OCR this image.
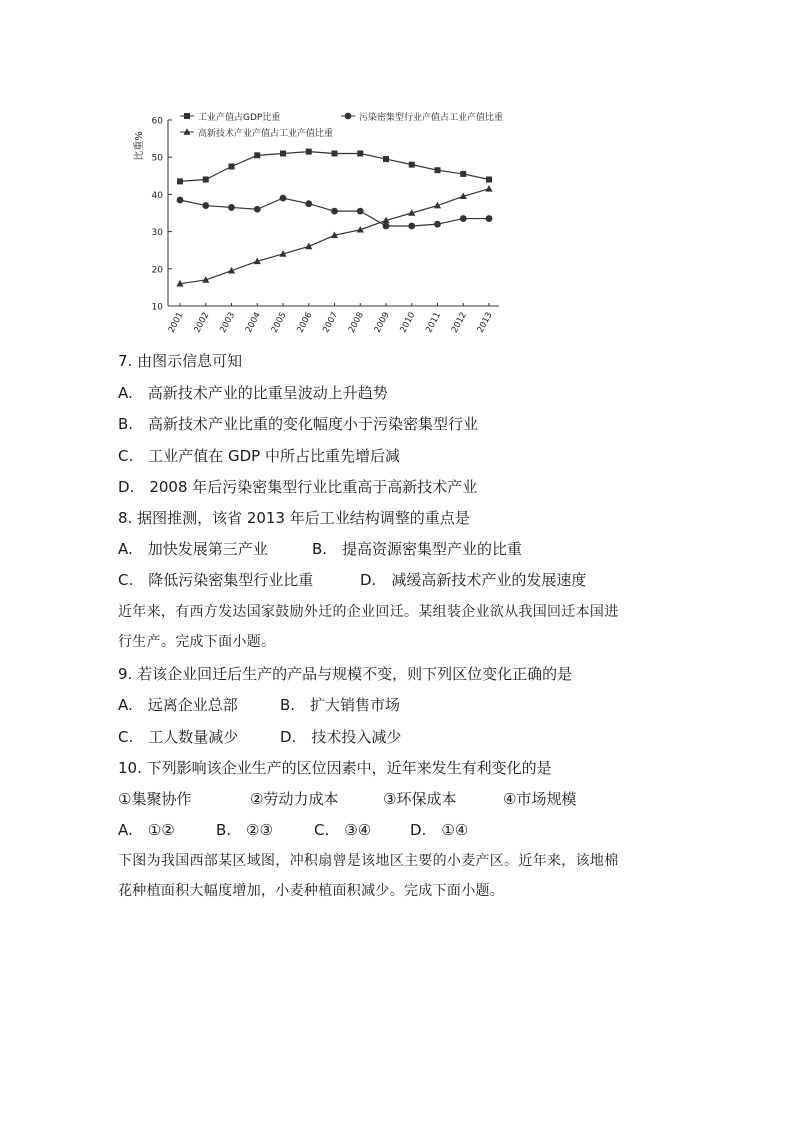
工业产值占GDP比重	污染密集型行业产值占工业产值比重
高新技术产业产值占工业产值比重
比重%
10
20
30
40
50
60
2001 2002 2003 2004 2005 2006 2007 2008 2009 2010 2011 2012 2013
7. 由图示信息可知
A.　高新技术产业的比重呈波动上升趋势
B.　高新技术产业比重的变化幅度小于污染密集型行业
C.　工业产值在 GDP 中所占比重先增后减
D.　2008 年后污染密集型行业比重高于高新技术产业
8. 据图推测，该省 2013 年后工业结构调整的重点是
A.　加快发展第三产业	B.　提高资源密集型产业的比重
C.　降低污染密集型行业比重	D.　减缓高新技术产业的发展速度
近年来，有西方发达国家鼓励外迁的企业回迁。某组装企业欲从我国回迁本国进
行生产。完成下面小题。
9. 若该企业回迁后生产的产品与规模不变，则下列区位变化正确的是
A.　远离企业总部	B.　扩大销售市场
C.　工人数量减少	D.　技术投入减少
10. 下列影响该企业生产的区位因素中，近年来发生有利变化的是
①集聚协作	②劳动力成本	③环保成本	④市场规模
A.　①②	B.　②③	C.　③④	D.　①④
下图为我国西部某区域图，冲积扇曾是该地区主要的小麦产区。近年来，该地棉
花种植面积大幅度增加，小麦种植面积减少。完成下面小题。
